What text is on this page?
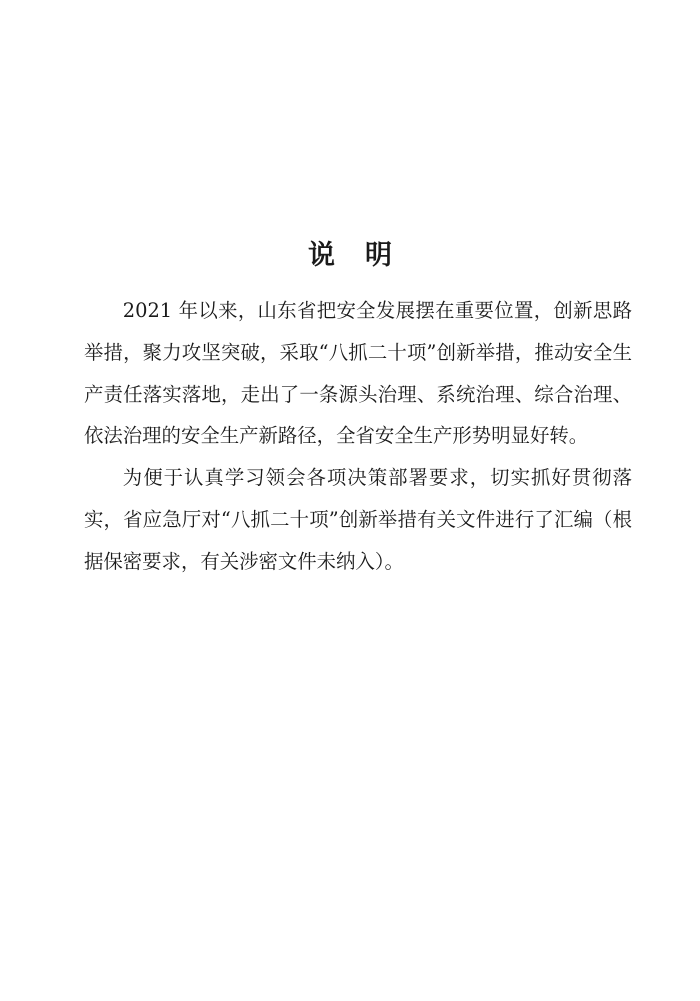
说明

2021 年以来，山东省把安全发展摆在重要位置，创新思路举措，聚力攻坚突破，采取“八抓二十项”创新举措，推动安全生产责任落实落地，走出了一条源头治理、系统治理、综合治理、依法治理的安全生产新路径，全省安全生产形势明显好转。

为便于认真学习领会各项决策部署要求，切实抓好贯彻落实，省应急厅对“八抓二十项”创新举措有关文件进行了汇编（根据保密要求，有关涉密文件未纳入）。
